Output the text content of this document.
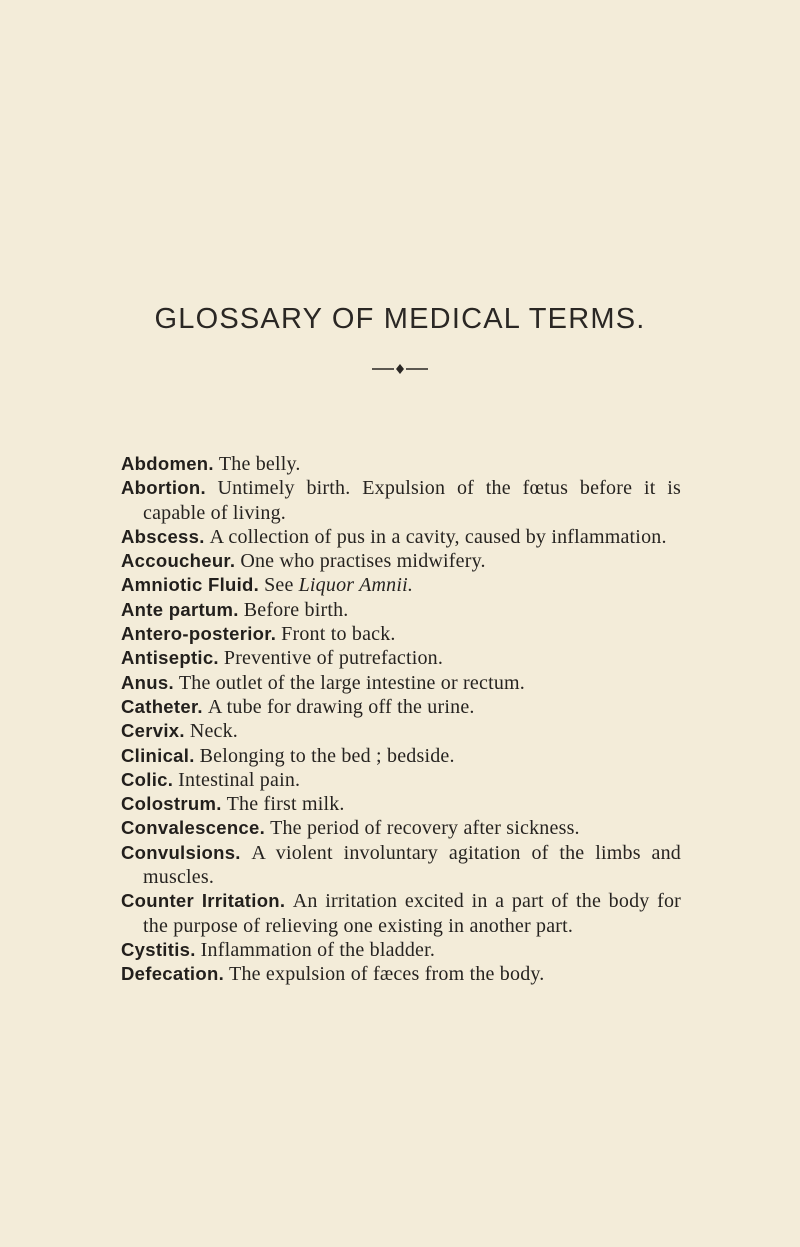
GLOSSARY OF MEDICAL TERMS.
Abdomen. The belly.
Abortion. Untimely birth. Expulsion of the fœtus before it is capable of living.
Abscess. A collection of pus in a cavity, caused by inflammation.
Accoucheur. One who practises midwifery.
Amniotic Fluid. See Liquor Amnii.
Ante partum. Before birth.
Antero-posterior. Front to back.
Antiseptic. Preventive of putrefaction.
Anus. The outlet of the large intestine or rectum.
Catheter. A tube for drawing off the urine.
Cervix. Neck.
Clinical. Belonging to the bed ; bedside.
Colic. Intestinal pain.
Colostrum. The first milk.
Convalescence. The period of recovery after sickness.
Convulsions. A violent involuntary agitation of the limbs and muscles.
Counter Irritation. An irritation excited in a part of the body for the purpose of relieving one existing in another part.
Cystitis. Inflammation of the bladder.
Defecation. The expulsion of fæces from the body.
